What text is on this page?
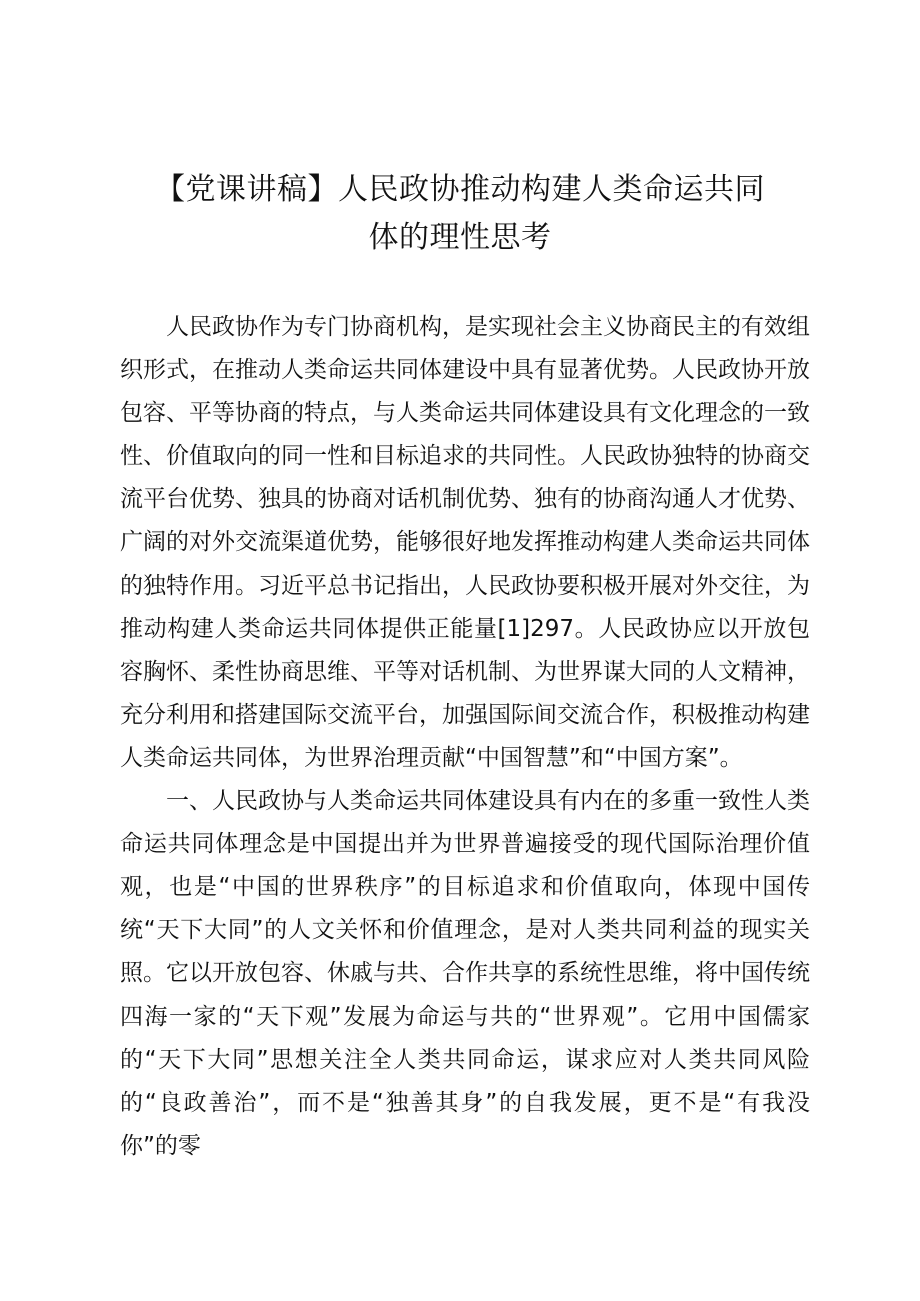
【党课讲稿】人民政协推动构建人类命运共同
体的理性思考

人民政协作为专门协商机构，是实现社会主义协商民主的有效组织形式，在推动人类命运共同体建设中具有显著优势。人民政协开放包容、平等协商的特点，与人类命运共同体建设具有文化理念的一致性、价值取向的同一性和目标追求的共同性。人民政协独特的协商交流平台优势、独具的协商对话机制优势、独有的协商沟通人才优势、广阔的对外交流渠道优势，能够很好地发挥推动构建人类命运共同体的独特作用。习近平总书记指出，人民政协要积极开展对外交往，为推动构建人类命运共同体提供正能量[1]297。人民政协应以开放包容胸怀、柔性协商思维、平等对话机制、为世界谋大同的人文精神，充分利用和搭建国际交流平台，加强国际间交流合作，积极推动构建人类命运共同体，为世界治理贡献“中国智慧”和“中国方案”。

一、人民政协与人类命运共同体建设具有内在的多重一致性人类命运共同体理念是中国提出并为世界普遍接受的现代国际治理价值观，也是“中国的世界秩序”的目标追求和价值取向，体现中国传统“天下大同”的人文关怀和价值理念，是对人类共同利益的现实关照。它以开放包容、休戚与共、合作共享的系统性思维，将中国传统四海一家的“天下观”发展为命运与共的“世界观”。它用中国儒家的“天下大同”思想关注全人类共同命运，谋求应对人类共同风险的“良政善治”，而不是“独善其身”的自我发展，更不是“有我没你”的零
